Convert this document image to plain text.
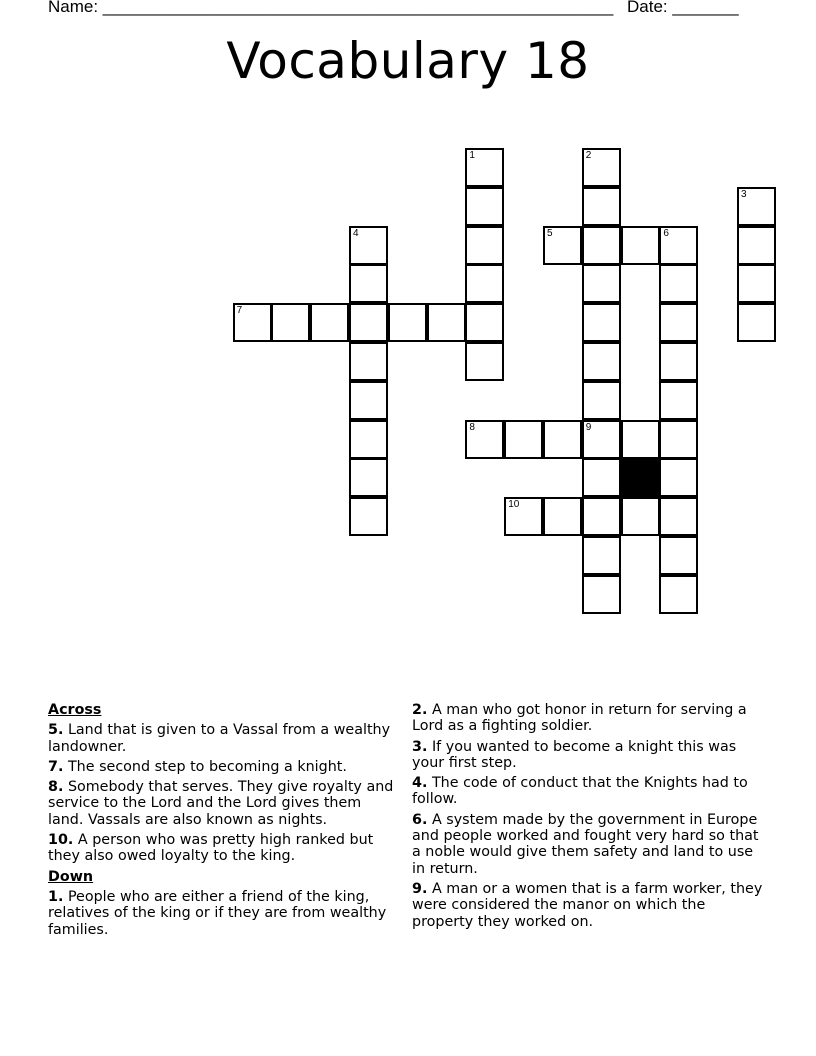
Name: ______________________________________________________ Date: _______
Vocabulary 18
1	2
9
3
4	6
5
7
8
10
Across
5. Land that is given to a Vassal from a wealthy landowner.
7. The second step to becoming a knight.
8. Somebody that serves. They give royalty and service to the Lord and the Lord gives them land. Vassals are also known as nights.
10. A person who was pretty high ranked but they also owed loyalty to the king.
Down
1. People who are either a friend of the king, relatives of the king or if they are from wealthy families.
2. A man who got honor in return for serving a Lord as a fighting soldier.
3. If you wanted to become a knight this was your first step.
4. The code of conduct that the Knights had to follow.
6. A system made by the government in Europe and people worked and fought very hard so that a noble would give them safety and land to use in return.
9. A man or a women that is a farm worker, they were considered the manor on which the property they worked on.
